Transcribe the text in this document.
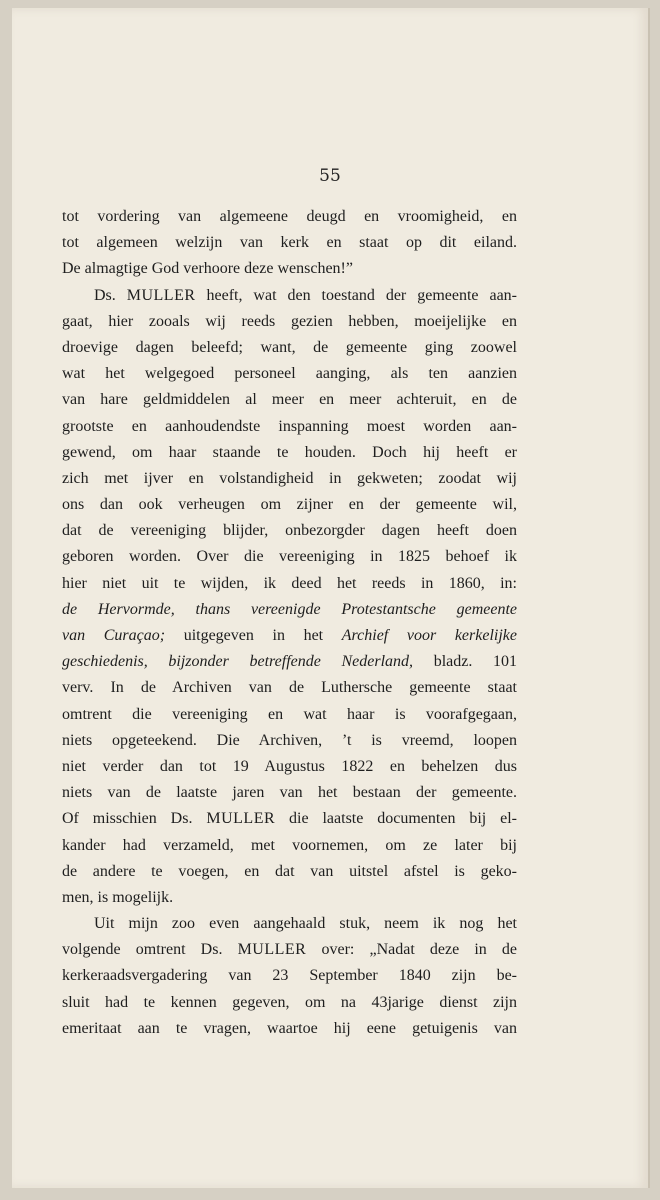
55
tot vordering van algemeene deugd en vroomigheid, en
tot algemeen welzijn van kerk en staat op dit eiland.
De almagtige God verhoore deze wenschen!”
Ds. MULLER heeft, wat den toestand der gemeente aan-
gaat, hier zooals wij reeds gezien hebben, moeijelijke en
droevige dagen beleefd; want, de gemeente ging zoowel
wat het welgegoed personeel aanging, als ten aanzien
van hare geldmiddelen al meer en meer achteruit, en de
grootste en aanhoudendste inspanning moest worden aan-
gewend, om haar staande te houden. Doch hij heeft er
zich met ijver en volstandigheid in gekweten; zoodat wij
ons dan ook verheugen om zijner en der gemeente wil,
dat de vereeniging blijder, onbezorgder dagen heeft doen
geboren worden. Over die vereeniging in 1825 behoef ik
hier niet uit te wijden, ik deed het reeds in 1860, in:
de Hervormde, thans vereenigde Protestantsche gemeente
van Curaçao; uitgegeven in het Archief voor kerkelijke
geschiedenis, bijzonder betreffende Nederland, bladz. 101
verv. In de Archiven van de Luthersche gemeente staat
omtrent die vereeniging en wat haar is voorafgegaan,
niets opgeteekend. Die Archiven, ’t is vreemd, loopen
niet verder dan tot 19 Augustus 1822 en behelzen dus
niets van de laatste jaren van het bestaan der gemeente.
Of misschien Ds. MULLER die laatste documenten bij el-
kander had verzameld, met voornemen, om ze later bij
de andere te voegen, en dat van uitstel afstel is geko-
men, is mogelijk.
Uit mijn zoo even aangehaald stuk, neem ik nog het
volgende omtrent Ds. MULLER over: „Nadat deze in de
kerkeraadsvergadering van 23 September 1840 zijn be-
sluit had te kennen gegeven, om na 43jarige dienst zijn
emeritaat aan te vragen, waartoe hij eene getuigenis van
